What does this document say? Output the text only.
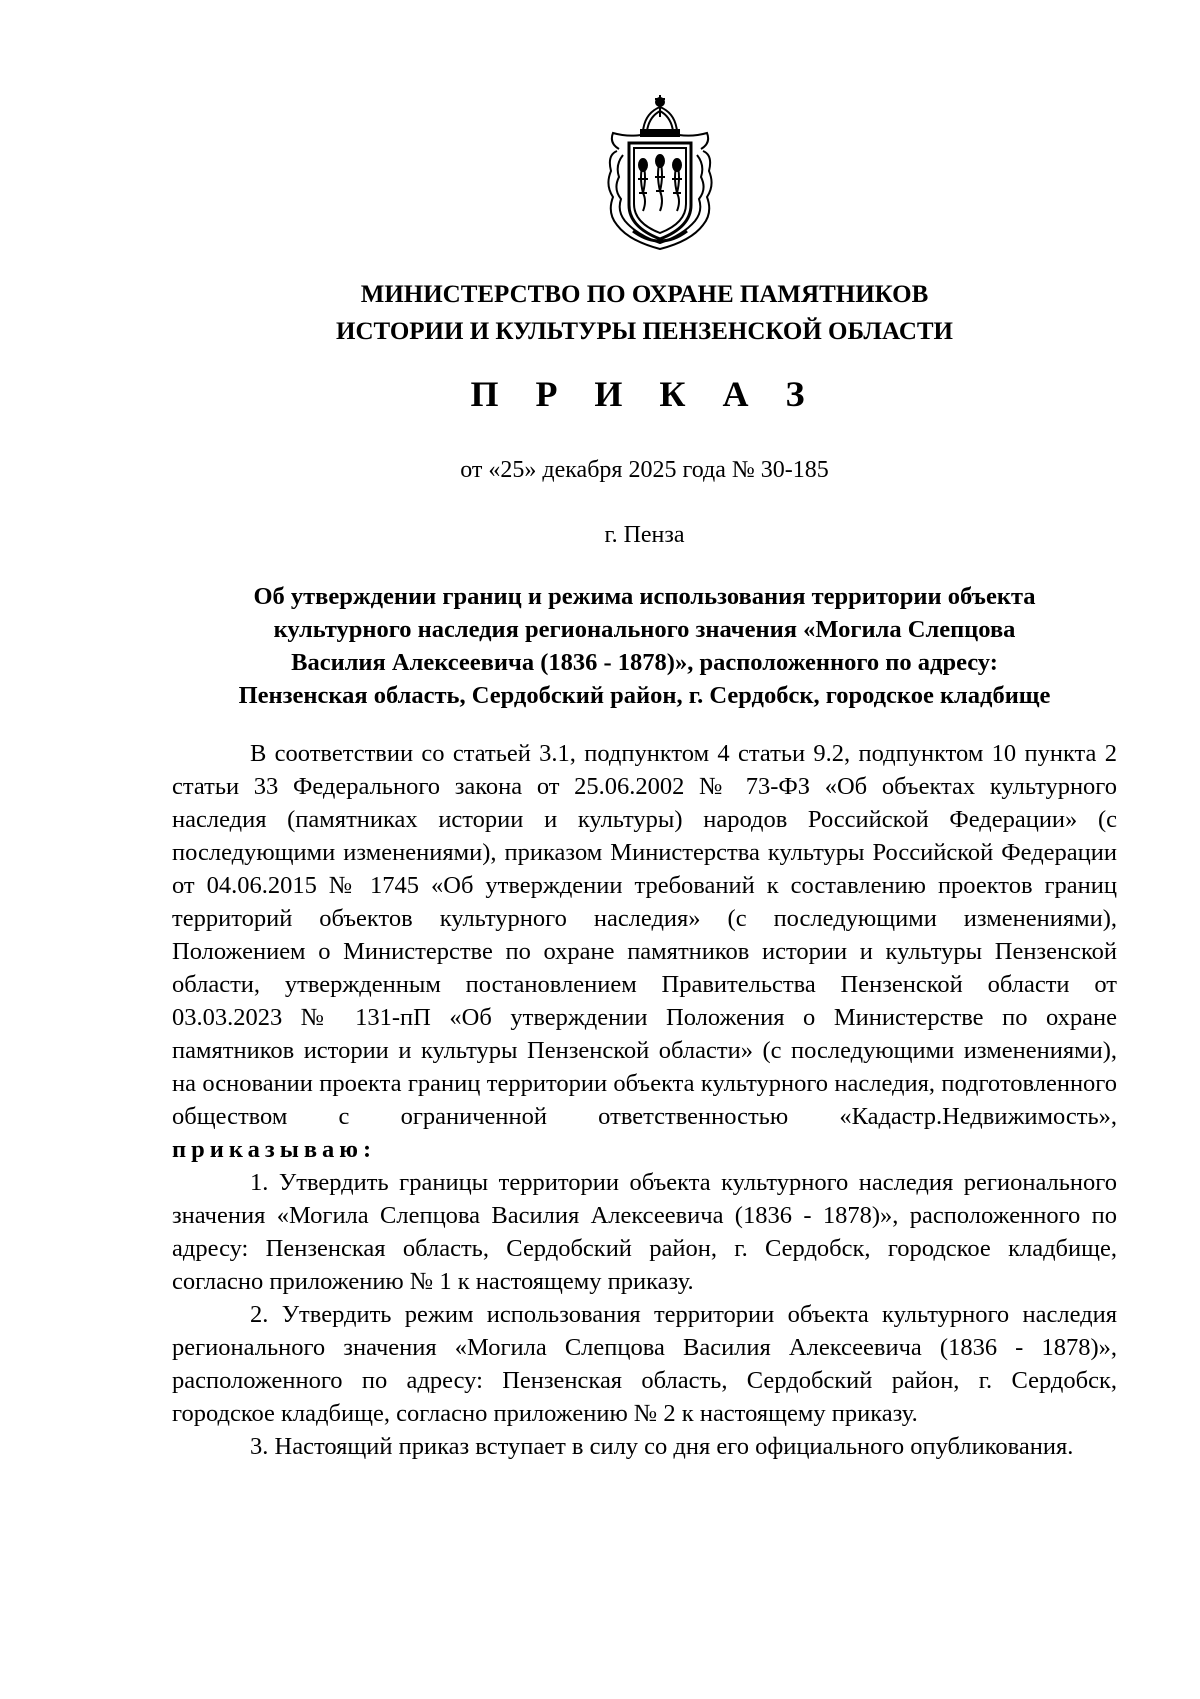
МИНИСТЕРСТВО ПО ОХРАНЕ ПАМЯТНИКОВ
ИСТОРИИ И КУЛЬТУРЫ ПЕНЗЕНСКОЙ ОБЛАСТИ
П Р И К А З
от «25» декабря 2025 года № 30-185
г. Пенза
Об утверждении границ и режима использования территории объекта
культурного наследия регионального значения «Могила Слепцова
Василия Алексеевича (1836 - 1878)», расположенного по адресу:
Пензенская область, Сердобский район, г. Сердобск, городское кладбище

В соответствии со статьей 3.1, подпунктом 4 статьи 9.2, подпунктом 10 пункта 2 статьи 33 Федерального закона от 25.06.2002 № 73-ФЗ «Об объектах культурного наследия (памятниках истории и культуры) народов Российской Федерации» (с последующими изменениями), приказом Министерства культуры Российской Федерации от 04.06.2015 № 1745 «Об утверждении требований к составлению проектов границ территорий объектов культурного наследия» (с последующими изменениями), Положением о Министерстве по охране памятников истории и культуры Пензенской области, утвержденным постановлением Правительства Пензенской области от 03.03.2023 № 131-пП «Об утверждении Положения о Министерстве по охране памятников истории и культуры Пензенской области» (с последующими изменениями), на основании проекта границ территории объекта культурного наследия, подготовленного обществом с ограниченной ответственностью «Кадастр.Недвижимость», приказываю:

1. Утвердить границы территории объекта культурного наследия регионального значения «Могила Слепцова Василия Алексеевича (1836 - 1878)», расположенного по адресу: Пензенская область, Сердобский район, г. Сердобск, городское кладбище, согласно приложению № 1 к настоящему приказу.

2. Утвердить режим использования территории объекта культурного наследия регионального значения «Могила Слепцова Василия Алексеевича (1836 - 1878)», расположенного по адресу: Пензенская область, Сердобский район, г. Сердобск, городское кладбище, согласно приложению № 2 к настоящему приказу.

3. Настоящий приказ вступает в силу со дня его официального опубликования.
